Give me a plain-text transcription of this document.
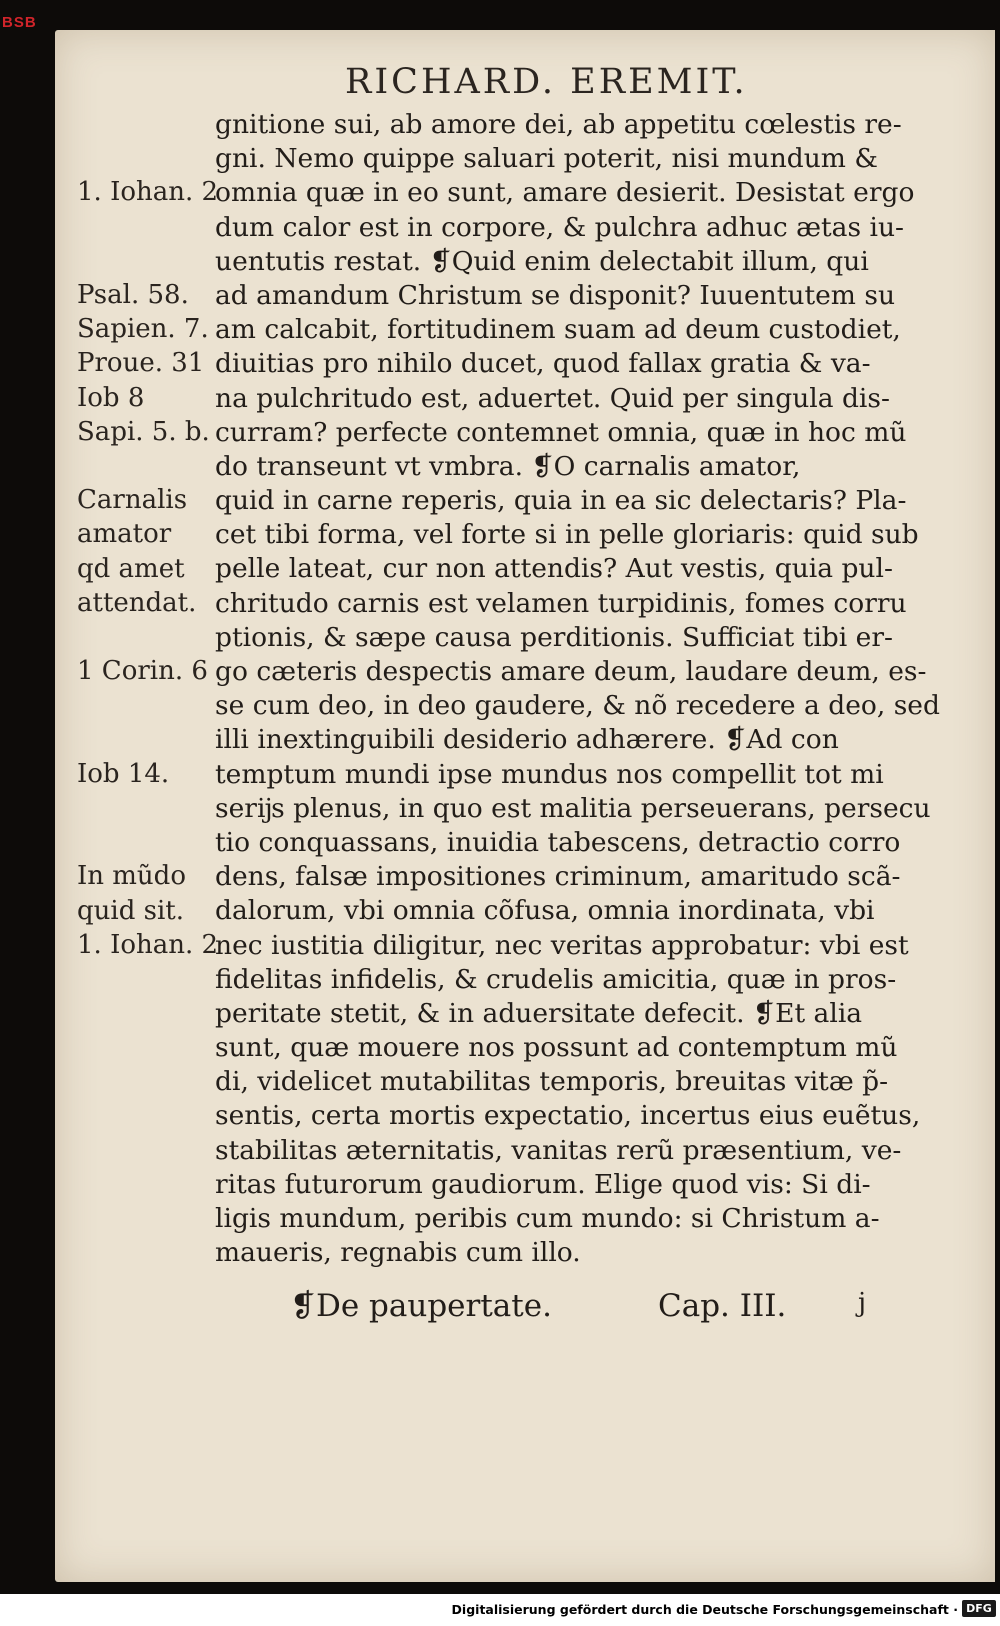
BSB
RICHARD. EREMIT.
gnitione sui, ab amore dei, ab appetitu cœlestis re-
gni. Nemo quippe saluari poterit, nisi mundum &
omnia quæ in eo sunt, amare desierit. Desistat ergo
dum calor est in corpore, & pulchra adhuc ætas iu-
uentutis restat. ❡Quid enim delectabit illum, qui
ad amandum Christum se disponit? Iuuentutem su
am calcabit, fortitudinem suam ad deum custodiet,
diuitias pro nihilo ducet, quod fallax gratia & va-
na pulchritudo est, aduertet. Quid per singula dis-
curram? perfecte contemnet omnia, quæ in hoc mũ
do transeunt vt vmbra. ❡O carnalis amator,
quid in carne reperis, quia in ea sic delectaris? Pla-
cet tibi forma, vel forte si in pelle gloriaris: quid sub
pelle lateat, cur non attendis? Aut vestis, quia pul-
chritudo carnis est velamen turpidinis, fomes corru
ptionis, & sæpe causa perditionis. Sufficiat tibi er-
go cæteris despectis amare deum, laudare deum, es-
se cum deo, in deo gaudere, & nõ recedere a deo, sed
illi inextinguibili desiderio adhærere. ❡Ad con
temptum mundi ipse mundus nos compellit tot mi
serĳs plenus, in quo est malitia perseuerans, persecu
tio conquassans, inuidia tabescens, detractio corro
dens, falsæ impositiones criminum, amaritudo scã-
dalorum, vbi omnia cõfusa, omnia inordinata, vbi
nec iustitia diligitur, nec veritas approbatur: vbi est
fidelitas infidelis, & crudelis amicitia, quæ in pros-
peritate stetit, & in aduersitate defecit. ❡Et alia
sunt, quæ mouere nos possunt ad contemptum mũ
di, videlicet mutabilitas temporis, breuitas vitæ p̃-
sentis, certa mortis expectatio, incertus eius euẽtus,
stabilitas æternitatis, vanitas rerũ præsentium, ve-
ritas futurorum gaudiorum. Elige quod vis: Si di-
ligis mundum, peribis cum mundo: si Christum a-
maueris, regnabis cum illo.
1. Iohan. 2
Psal. 58.
Sapien. 7.
Proue. 31
Iob 8
Sapi. 5. b.
Carnalis
amator
qd amet
attendat.
1 Corin. 6
Iob 14.
In mũdo
quid sit.
1. Iohan. 2
❡De paupertate.	Cap. III.	j
Digitalisierung gefördert durch die Deutsche Forschungsgemeinschaft · DFG
